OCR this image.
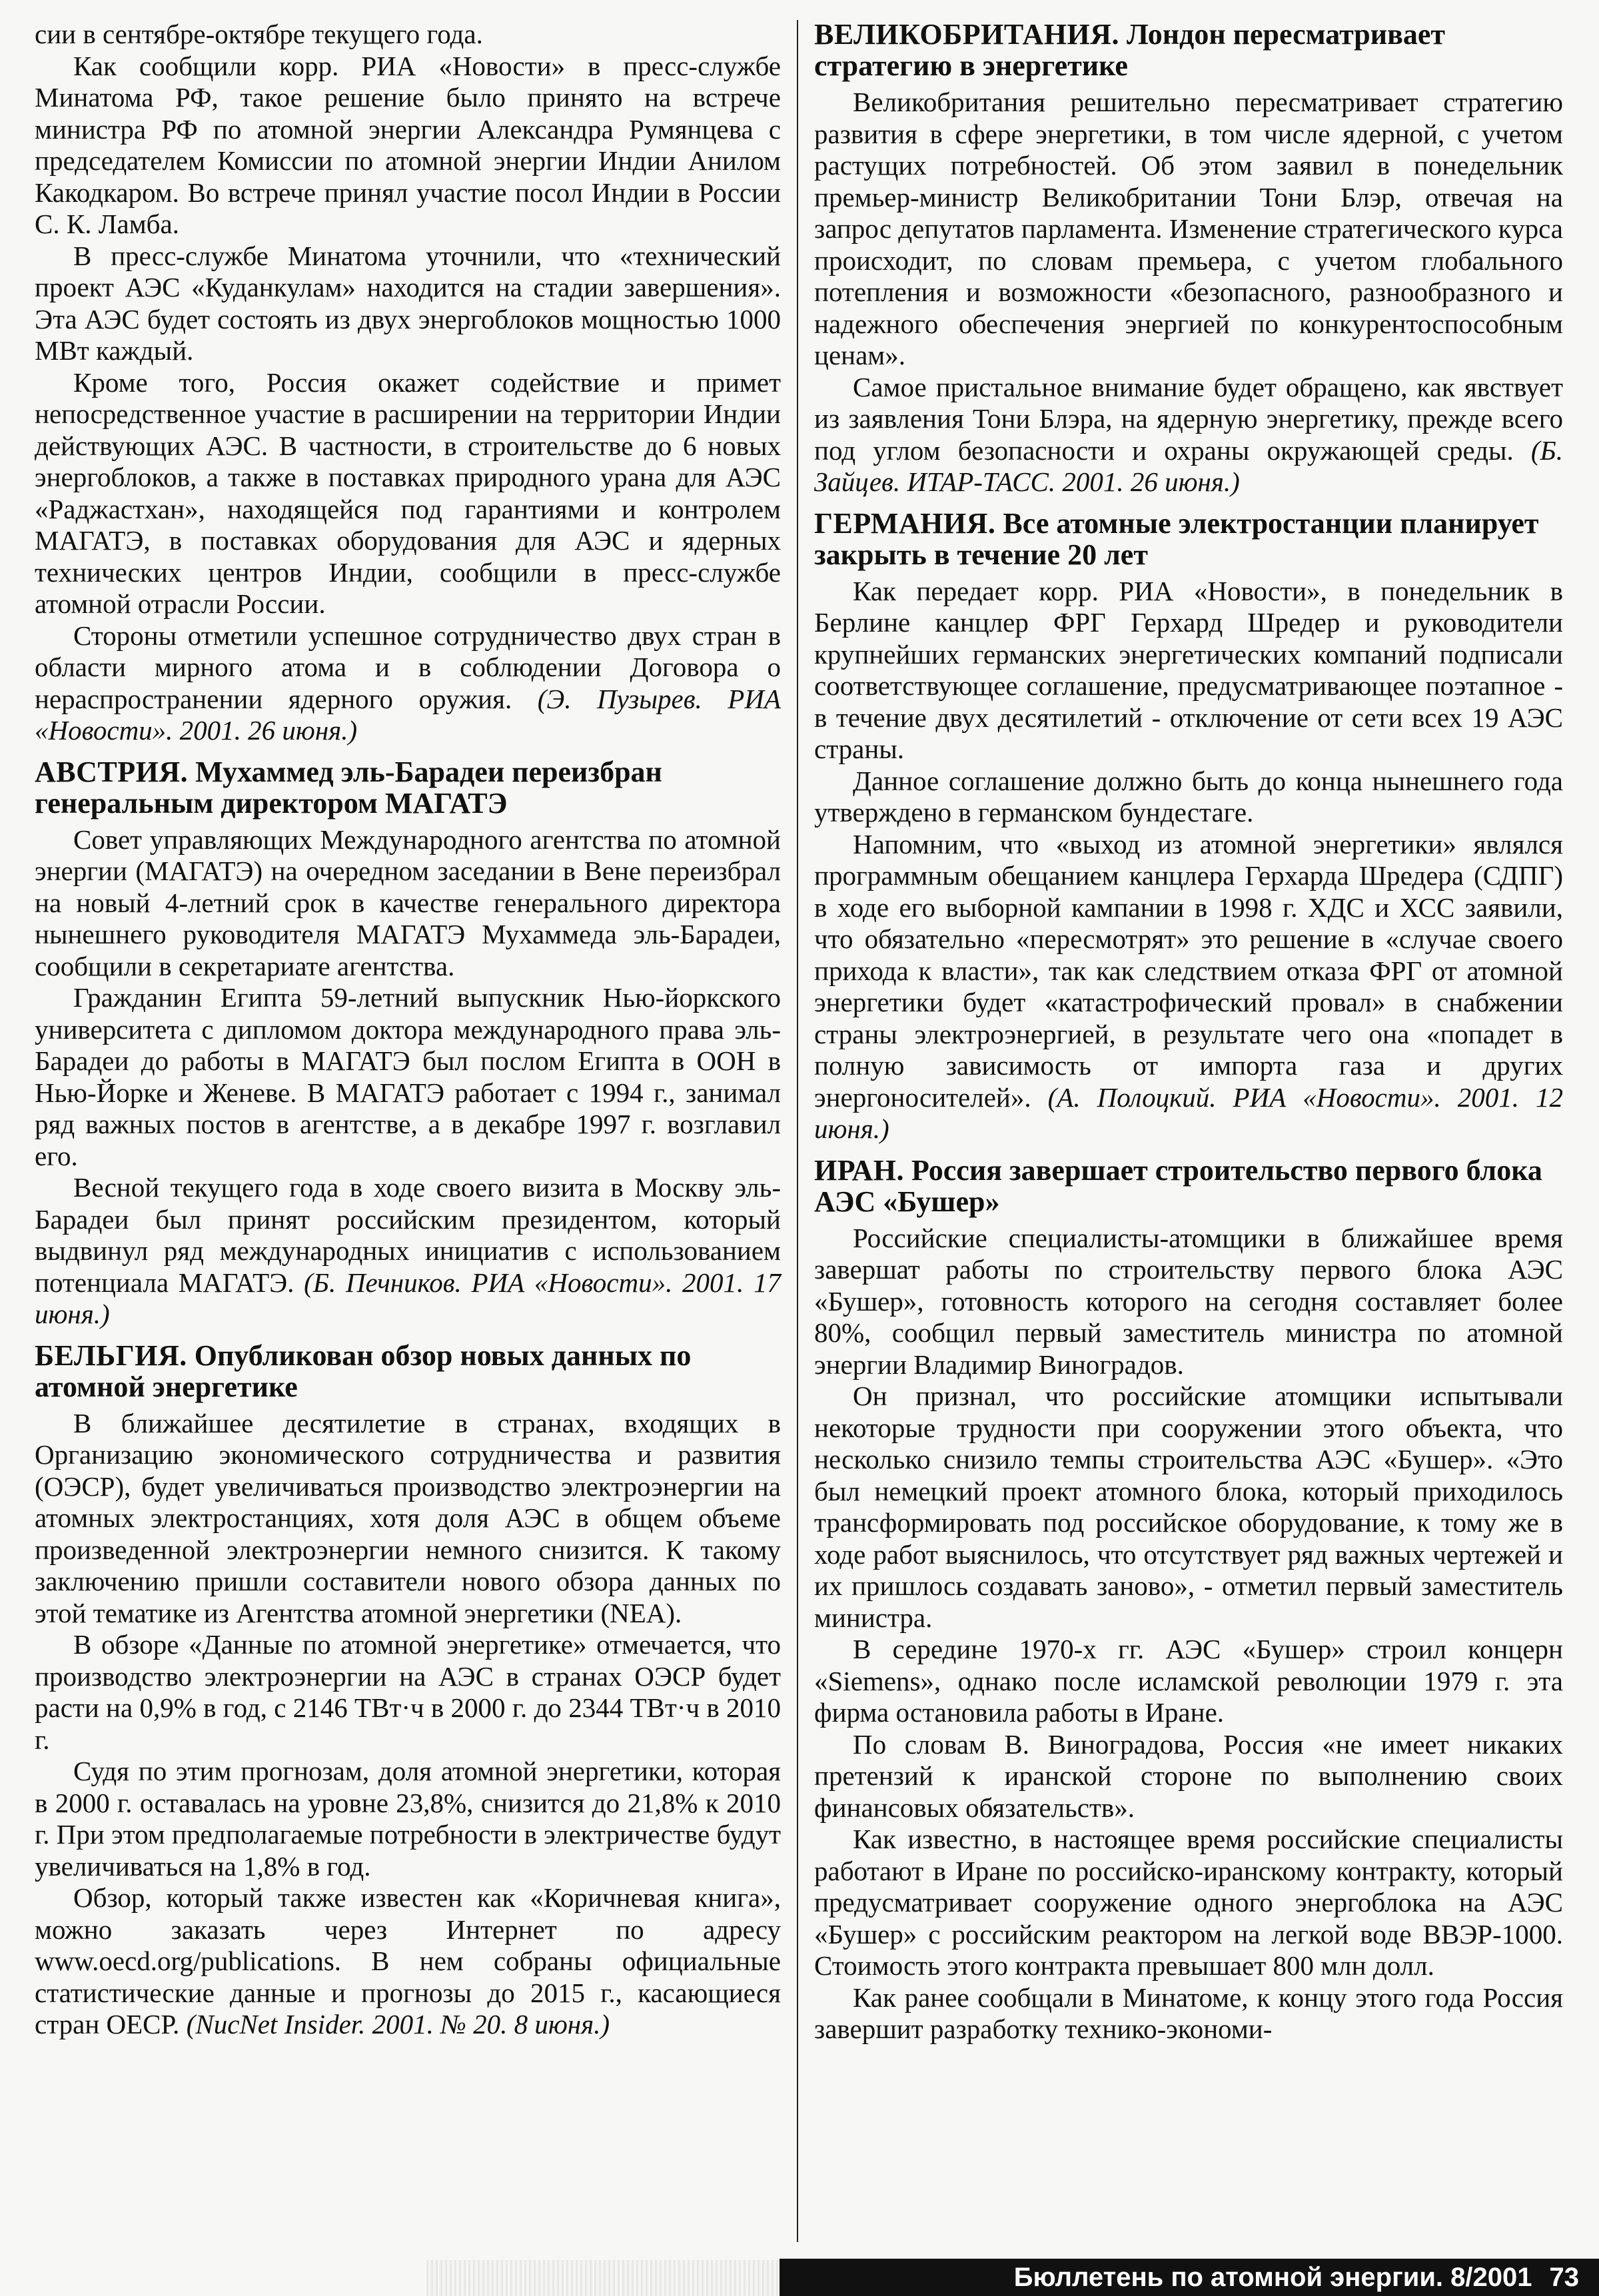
сии в сентябре-октябре текущего года.

Как сообщили корр. РИА «Новости» в пресс-службе Минатома РФ, такое решение было принято на встрече министра РФ по атомной энергии Александра Румянцева с председателем Комиссии по атомной энергии Индии Анилом Какодкаром. Во встрече принял участие посол Индии в России С. К. Ламба.

В пресс-службе Минатома уточнили, что «технический проект АЭС «Куданкулам» находится на стадии завершения». Эта АЭС будет состоять из двух энергоблоков мощностью 1000 МВт каждый.

Кроме того, Россия окажет содействие и примет непосредственное участие в расширении на территории Индии действующих АЭС. В частности, в строительстве до 6 новых энергоблоков, а также в поставках природного урана для АЭС «Раджастхан», находящейся под гарантиями и контролем МАГАТЭ, в поставках оборудования для АЭС и ядерных технических центров Индии, сообщили в пресс-службе атомной отрасли России.

Стороны отметили успешное сотрудничество двух стран в области мирного атома и в соблюдении Договора о нераспространении ядерного оружия. (Э. Пузырев. РИА «Новости». 2001. 26 июня.)

АВСТРИЯ. Мухаммед эль-Барадеи переизбран генеральным директором МАГАТЭ

Совет управляющих Международного агентства по атомной энергии (МАГАТЭ) на очередном заседании в Вене переизбрал на новый 4-летний срок в качестве генерального директора нынешнего руководителя МАГАТЭ Мухаммеда эль-Барадеи, сообщили в секретариате агентства.

Гражданин Египта 59-летний выпускник Нью-йоркского университета с дипломом доктора международного права эль-Барадеи до работы в МАГАТЭ был послом Египта в ООН в Нью-Йорке и Женеве. В МАГАТЭ работает с 1994 г., занимал ряд важных постов в агентстве, а в декабре 1997 г. возглавил его.

Весной текущего года в ходе своего визита в Москву эль-Барадеи был принят российским президентом, который выдвинул ряд международных инициатив с использованием потенциала МАГАТЭ. (Б. Печников. РИА «Новости». 2001. 17 июня.)

БЕЛЬГИЯ. Опубликован обзор новых данных по атомной энергетике

В ближайшее десятилетие в странах, входящих в Организацию экономического сотрудничества и развития (ОЭСР), будет увеличиваться производство электроэнергии на атомных электростанциях, хотя доля АЭС в общем объеме произведенной электроэнергии немного снизится. К такому заключению пришли составители нового обзора данных по этой тематике из Агентства атомной энергетики (NEA).

В обзоре «Данные по атомной энергетике» отмечается, что производство электроэнергии на АЭС в странах ОЭСР будет расти на 0,9% в год, с 2146 ТВт·ч в 2000 г. до 2344 ТВт·ч в 2010 г.

Судя по этим прогнозам, доля атомной энергетики, которая в 2000 г. оставалась на уровне 23,8%, снизится до 21,8% к 2010 г. При этом предполагаемые потребности в электричестве будут увеличиваться на 1,8% в год.

Обзор, который также известен как «Коричневая книга», можно заказать через Интернет по адресу www.oecd.org/publications. В нем собраны официальные статистические данные и прогнозы до 2015 г., касающиеся стран ОЕСР. (NucNet Insider. 2001. № 20. 8 июня.)

ВЕЛИКОБРИТАНИЯ. Лондон пересматривает стратегию в энергетике

Великобритания решительно пересматривает стратегию развития в сфере энергетики, в том числе ядерной, с учетом растущих потребностей. Об этом заявил в понедельник премьер-министр Великобритании Тони Блэр, отвечая на запрос депутатов парламента. Изменение стратегического курса происходит, по словам премьера, с учетом глобального потепления и возможности «безопасного, разнообразного и надежного обеспечения энергией по конкурентоспособным ценам».

Самое пристальное внимание будет обращено, как явствует из заявления Тони Блэра, на ядерную энергетику, прежде всего под углом безопасности и охраны окружающей среды. (Б. Зайцев. ИТАР-ТАСС. 2001. 26 июня.)

ГЕРМАНИЯ. Все атомные электростанции планирует закрыть в течение 20 лет

Как передает корр. РИА «Новости», в понедельник в Берлине канцлер ФРГ Герхард Шредер и руководители крупнейших германских энергетических компаний подписали соответствующее соглашение, предусматривающее поэтапное - в течение двух десятилетий - отключение от сети всех 19 АЭС страны.

Данное соглашение должно быть до конца нынешнего года утверждено в германском бундестаге.

Напомним, что «выход из атомной энергетики» являлся программным обещанием канцлера Герхарда Шредера (СДПГ) в ходе его выборной кампании в 1998 г. ХДС и ХСС заявили, что обязательно «пересмотрят» это решение в «случае своего прихода к власти», так как следствием отказа ФРГ от атомной энергетики будет «катастрофический провал» в снабжении страны электроэнергией, в результате чего она «попадет в полную зависимость от импорта газа и других энергоносителей». (А. Полоцкий. РИА «Новости». 2001. 12 июня.)

ИРАН. Россия завершает строительство первого блока АЭС «Бушер»

Российские специалисты-атомщики в ближайшее время завершат работы по строительству первого блока АЭС «Бушер», готовность которого на сегодня составляет более 80%, сообщил первый заместитель министра по атомной энергии Владимир Виноградов.

Он признал, что российские атомщики испытывали некоторые трудности при сооружении этого объекта, что несколько снизило темпы строительства АЭС «Бушер». «Это был немецкий проект атомного блока, который приходилось трансформировать под российское оборудование, к тому же в ходе работ выяснилось, что отсутствует ряд важных чертежей и их пришлось создавать заново», - отметил первый заместитель министра.

В середине 1970-х гг. АЭС «Бушер» строил концерн «Siemens», однако после исламской революции 1979 г. эта фирма остановила работы в Иране.

По словам В. Виноградова, Россия «не имеет никаких претензий к иранской стороне по выполнению своих финансовых обязательств».

Как известно, в настоящее время российские специалисты работают в Иране по российско-иранскому контракту, который предусматривает сооружение одного энергоблока на АЭС «Бушер» с российским реактором на легкой воде ВВЭР-1000. Стоимость этого контракта превышает 800 млн долл.

Как ранее сообщали в Минатоме, к концу этого года Россия завершит разработку технико-экономи-

Бюллетень по атомной энергии. 8/2001 73
